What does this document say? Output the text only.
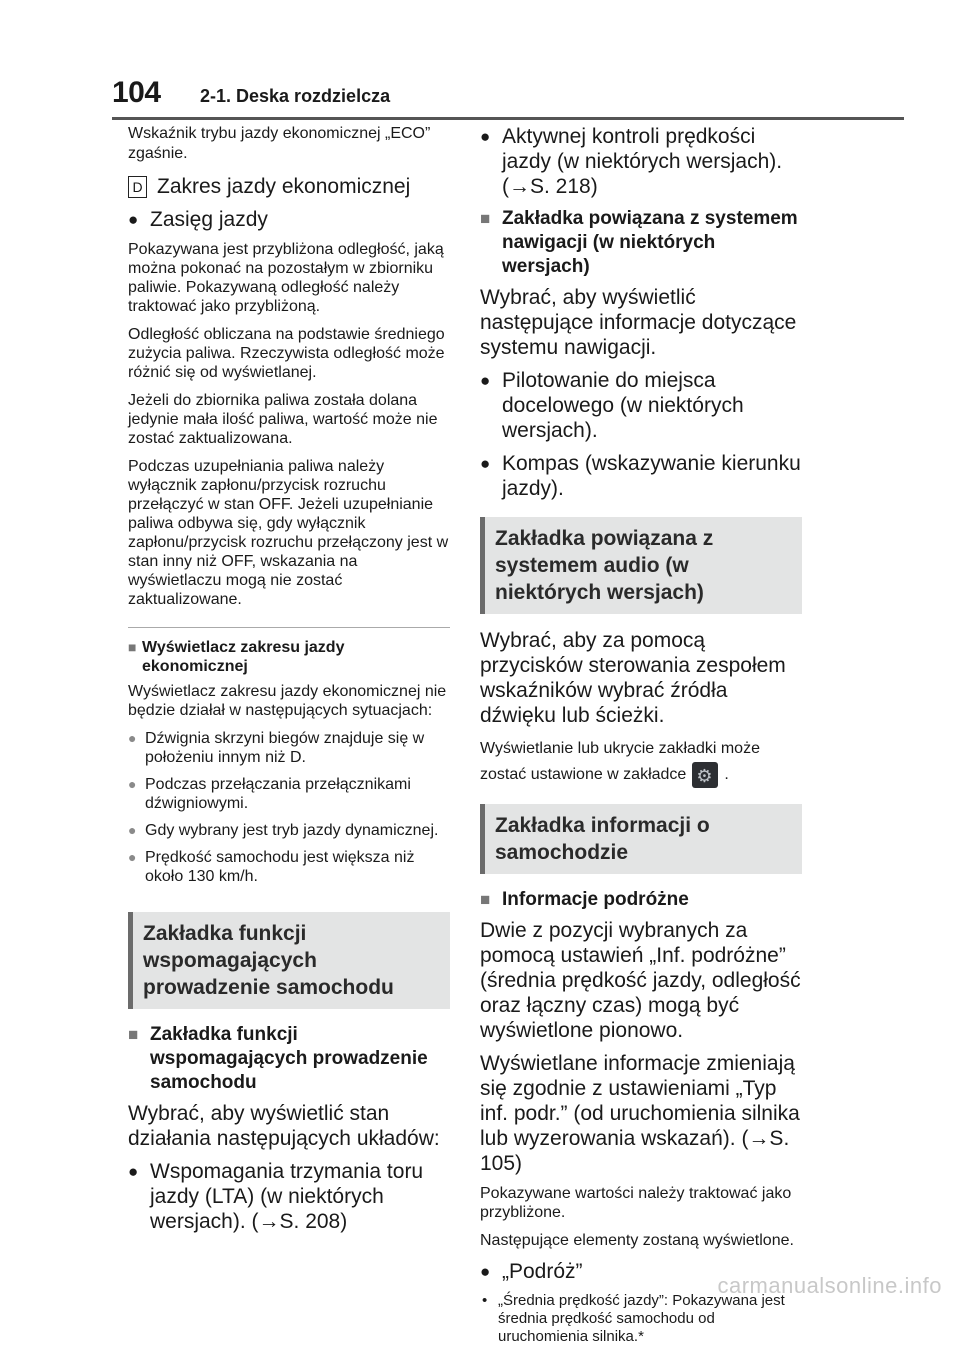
104 2-1. Deska rozdzielcza

Wskaźnik trybu jazdy ekonomicznej „ECO” zgaśnie.

D Zakres jazdy ekonomicznej

● Zasięg jazdy

Pokazywana jest przybliżona odległość, jaką można pokonać na pozostałym w zbiorniku paliwie. Pokazywaną odległość należy traktować jako przybliżoną.

Odległość obliczana na podstawie średniego zużycia paliwa. Rzeczywista odległość może różnić się od wyświetlanej.

Jeżeli do zbiornika paliwa została dolana jedynie mała ilość paliwa, wartość może nie zostać zaktualizowana.

Podczas uzupełniania paliwa należy wyłącznik zapłonu/przycisk rozruchu przełączyć w stan OFF. Jeżeli uzupełnianie paliwa odbywa się, gdy wyłącznik zapłonu/przycisk rozruchu przełączony jest w stan inny niż OFF, wskazania na wyświetlaczu mogą nie zostać zaktualizowane.

■ Wyświetlacz zakresu jazdy ekonomicznej

Wyświetlacz zakresu jazdy ekonomicznej nie będzie działał w następujących sytuacjach:

● Dźwignia skrzyni biegów znajduje się w położeniu innym niż D.

● Podczas przełączania przełącznikami dźwigniowymi.

● Gdy wybrany jest tryb jazdy dynamicznej.

● Prędkość samochodu jest większa niż około 130 km/h.

Zakładka funkcji wspomagających prowadzenie samochodu

■ Zakładka funkcji wspomagających prowadzenie samochodu

Wybrać, aby wyświetlić stan działania następujących układów:

● Wspomagania trzymania toru jazdy (LTA) (w niektórych wersjach). (→S. 208)

● Aktywnej kontroli prędkości jazdy (w niektórych wersjach). (→S. 218)

■ Zakładka powiązana z systemem nawigacji (w niektórych wersjach)

Wybrać, aby wyświetlić następujące informacje dotyczące systemu nawigacji.

● Pilotowanie do miejsca docelowego (w niektórych wersjach).

● Kompas (wskazywanie kierunku jazdy).

Zakładka powiązana z systemem audio (w niektórych wersjach)

Wybrać, aby za pomocą przycisków sterowania zespołem wskaźników wybrać źródła dźwięku lub ścieżki.

Wyświetlanie lub ukrycie zakładki może zostać ustawione w zakładce⚙ .

Zakładka informacji o samochodzie

■ Informacje podróżne

Dwie z pozycji wybranych za pomocą ustawień „Inf. podróżne” (średnia prędkość jazdy, odległość oraz łączny czas) mogą być wyświetlone pionowo.

Wyświetlane informacje zmieniają się zgodnie z ustawieniami „Typ inf. podr.” (od uruchomienia silnika lub wyzerowania wskazań). (→S. 105)

Pokazywane wartości należy traktować jako przybliżone.

Następujące elementy zostaną wyświetlone.

● „Podróż”

• „Średnia prędkość jazdy”: Pokazywana jest średnia prędkość samochodu od uruchomienia silnika.*

carmanualsonline.info
